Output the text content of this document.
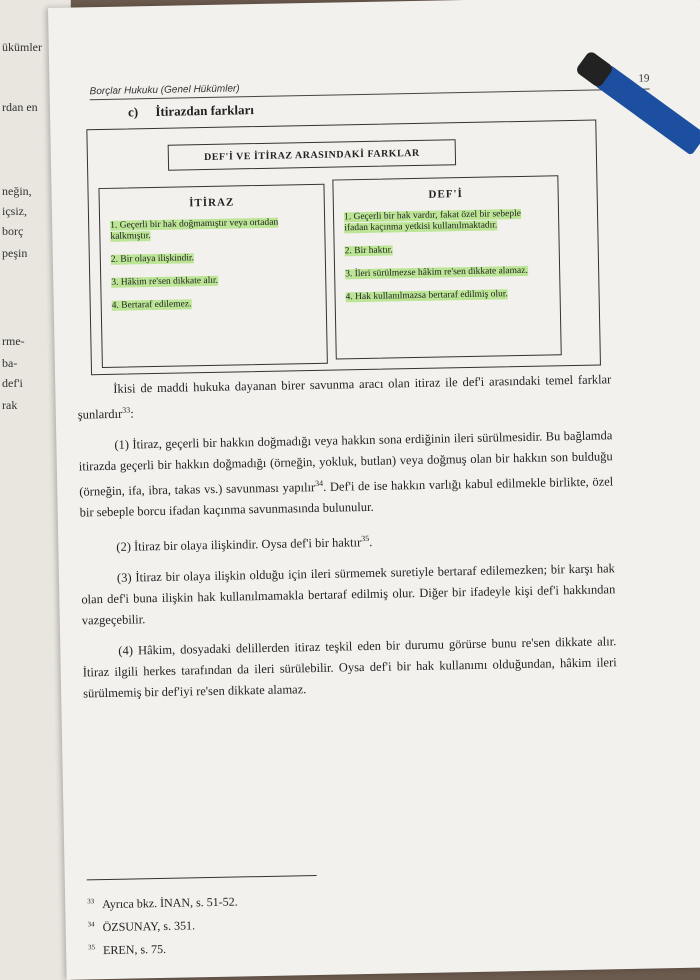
ükümler
rdan en
neğin,
içsiz,
borç
peşin
rme-
ba-
def'i
rak
Borçlar Hukuku (Genel Hükümler)
19
c) İtirazdan farkları
DEF'İ VE İTİRAZ ARASINDAKİ FARKLAR
İTİRAZ
1. Geçerli bir hak doğmamıştır veya ortadan kalkmıştır.
2. Bir olaya ilişkindir.
3. Hâkim re'sen dikkate alır.
4. Bertaraf edilemez.
DEF'İ
1. Geçerli bir hak vardır, fakat özel bir sebeple ifadan kaçınma yetkisi kullanılmaktadır.
2. Bir haktır.
3. İleri sürülmezse hâkim re'sen dikkate alamaz.
4. Hak kullanılmazsa bertaraf edilmiş olur.

İkisi de maddi hukuka dayanan birer savunma aracı olan itiraz ile def'i arasındaki temel farklar şunlardır$^{33}$:

(1) İtiraz, geçerli bir hakkın doğmadığı veya hakkın sona erdiğinin ileri sürülmesidir. Bu bağlamda itirazda geçerli bir hakkın doğmadığı (örneğin, yokluk, butlan) veya doğmuş olan bir hakkın son bulduğu (örneğin, ifa, ibra, takas vs.) savunması yapılır$^{34}$. Def'i de ise hakkın varlığı kabul edilmekle birlikte, özel bir sebeple borcu ifadan kaçınma savunmasında bulunulur.

(2) İtiraz bir olaya ilişkindir. Oysa def'i bir haktır$^{35}$.

(3) İtiraz bir olaya ilişkin olduğu için ileri sürmemek suretiyle bertaraf edilemezken; bir karşı hak olan def'i buna ilişkin hak kullanılmamakla bertaraf edilmiş olur. Diğer bir ifadeyle kişi def'i hakkından vazgeçebilir.

(4) Hâkim, dosyadaki delillerden itiraz teşkil eden bir durumu görürse bunu re'sen dikkate alır. İtiraz ilgili herkes tarafından da ileri sürülebilir. Oysa def'i bir hak kullanımı olduğundan, hâkim ileri sürülmemiş bir def'iyi re'sen dikkate alamaz.

$^{33}$ Ayrıca bkz. İNAN, s. 51-52.
$^{34}$ ÖZSUNAY, s. 351.
$^{35}$ EREN, s. 75.
